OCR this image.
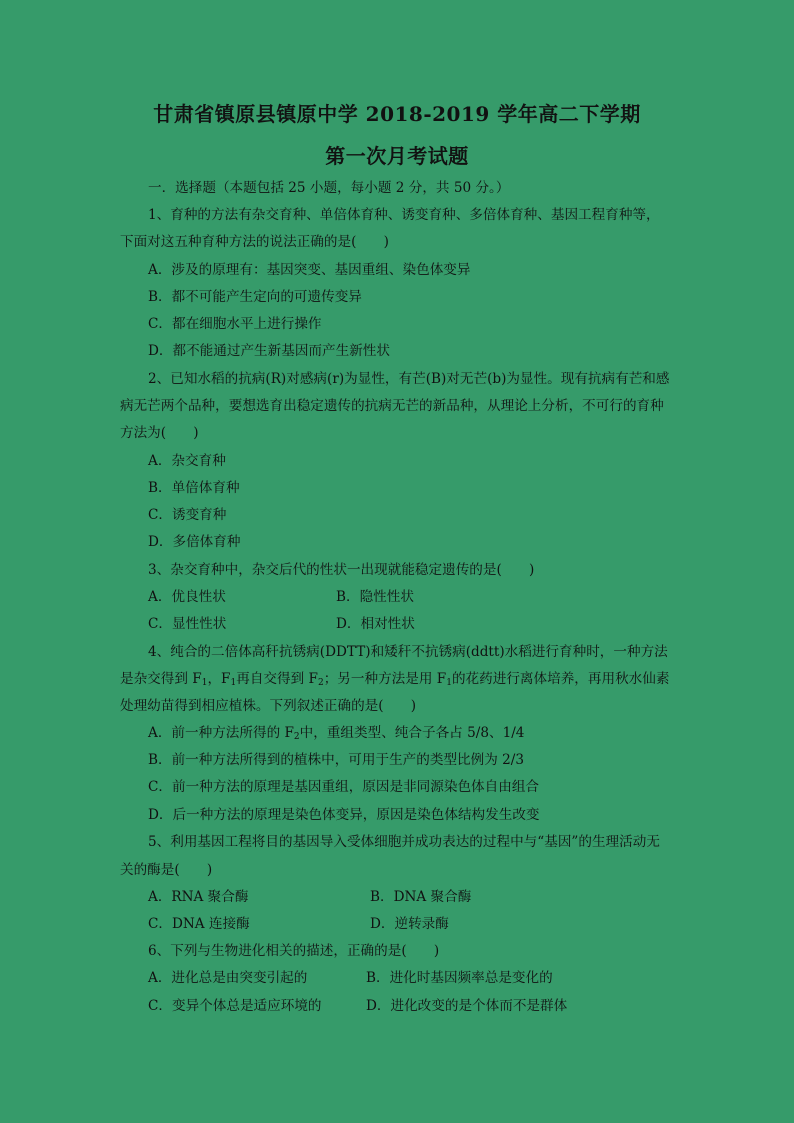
甘肃省镇原县镇原中学 2018-2019 学年高二下学期
第一次月考试题
一．选择题（本题包括 25 小题，每小题 2 分，共 50 分。）
1、育种的方法有杂交育种、单倍体育种、诱变育种、多倍体育种、基因工程育种等，
下面对这五种育种方法的说法正确的是(　　)
A．涉及的原理有：基因突变、基因重组、染色体变异
B．都不可能产生定向的可遗传变异
C．都在细胞水平上进行操作
D．都不能通过产生新基因而产生新性状
2、已知水稻的抗病(R)对感病(r)为显性，有芒(B)对无芒(b)为显性。现有抗病有芒和感
病无芒两个品种，要想选育出稳定遗传的抗病无芒的新品种，从理论上分析，不可行的育种
方法为(　　)
A．杂交育种
B．单倍体育种
C．诱变育种
D．多倍体育种
3、杂交育种中，杂交后代的性状一出现就能稳定遗传的是(　　)
A．优良性状	B．隐性性状
C．显性性状	D．相对性状
4、纯合的二倍体高秆抗锈病(DDTT)和矮秆不抗锈病(ddtt)水稻进行育种时，一种方法
是杂交得到 $F_1$，$F_1$再自交得到 $F_2$；另一种方法是用 $F_1$的花药进行离体培养，再用秋水仙素
处理幼苗得到相应植株。下列叙述正确的是(　　)
A．前一种方法所得的 $F_2$中，重组类型、纯合子各占 5/8、1/4
B．前一种方法所得到的植株中，可用于生产的类型比例为 2/3
C．前一种方法的原理是基因重组，原因是非同源染色体自由组合
D．后一种方法的原理是染色体变异，原因是染色体结构发生改变
5、利用基因工程将目的基因导入受体细胞并成功表达的过程中与“基因”的生理活动无
关的酶是(　　)
A．RNA 聚合酶	B．DNA 聚合酶
C．DNA 连接酶	D．逆转录酶
6、下列与生物进化相关的描述，正确的是(　　)
A．进化总是由突变引起的	B．进化时基因频率总是变化的
C．变异个体总是适应环境的	D．进化改变的是个体而不是群体
